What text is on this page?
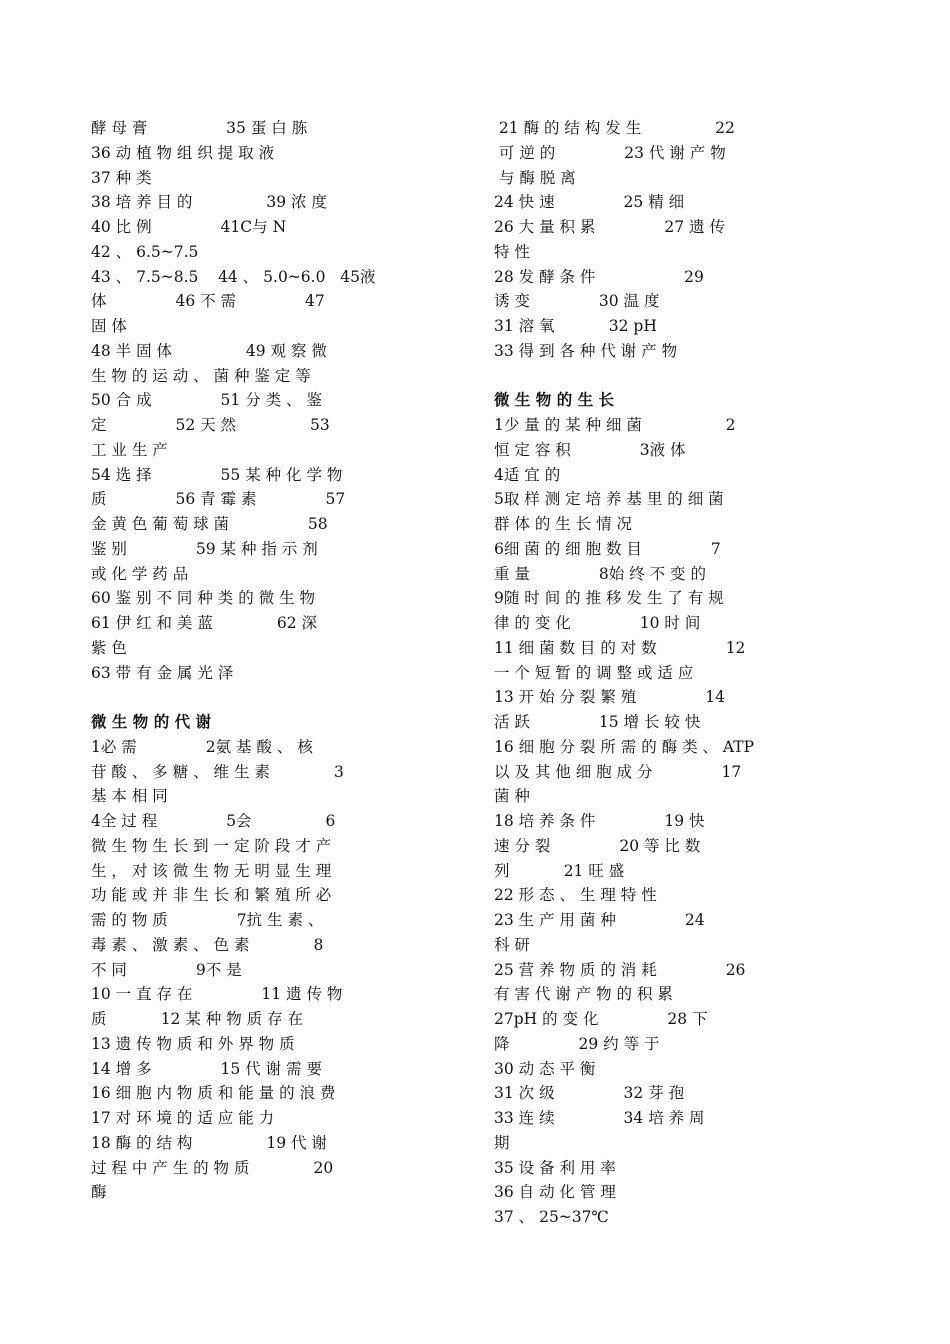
酵 母 膏                35 蛋 白 胨
36 动 植 物 组 织 提 取 液
37 种 类
38 培 养 目 的               39 浓 度
40 比 例              41C与 N
42 、 6.5~7.5
43 、 7.5~8.5    44 、 5.0~6.0   45液
体              46 不 需              47
固 体
48 半 固 体               49 观 察 微
生 物 的 运 动 、 菌 种 鉴 定 等
50 合 成              51 分 类 、 鉴
定              52 天 然               53
工 业 生 产
54 选 择              55 某 种 化 学 物
质              56 青 霉 素              57
金 黄 色 葡 萄 球 菌                58
鉴 别              59 某 种 指 示 剂
或 化 学 药 品
60 鉴 别 不 同 种 类 的 微 生 物
61 伊 红 和 美 蓝             62 深
紫 色
63 带 有 金 属 光 泽
微 生 物 的 代 谢
1必 需              2氨 基 酸 、 核
苷 酸 、 多 糖 、 维 生 素             3
基 本 相 同
4全 过 程              5会               6
微 生 物 生 长 到 一 定 阶 段 才 产
生 ， 对 该 微 生 物 无 明 显 生 理
功 能 或 并 非 生 长 和 繁 殖 所 必
需 的 物 质              7抗 生 素 、
毒 素 、 激 素 、 色 素             8
不 同              9不 是
10 一 直 存 在              11 遗 传 物
质           12 某 种 物 质 存 在
13 遗 传 物 质 和 外 界 物 质
14 增 多              15 代 谢 需 要
16 细 胞 内 物 质 和 能 量 的 浪 费
17 对 环 境 的 适 应 能 力
18 酶 的 结 构               19 代 谢
过 程 中 产 生 的 物 质             20
酶
21 酶 的 结 构 发 生               22
可 逆 的              23 代 谢 产 物
与 酶 脱 离
24 快 速              25 精 细
26 大 量 积 累              27 遗 传
特 性
28 发 酵 条 件                  29
诱 变              30 温 度
31 溶 氧           32 pH
33 得 到 各 种 代 谢 产 物
微 生 物 的 生 长
1少 量 的 某 种 细 菌                 2
恒 定 容 积              3液 体
4适 宜 的
5取 样 测 定 培 养 基 里 的 细 菌
群 体 的 生 长 情 况
6细 菌 的 细 胞 数 目              7
重 量              8始 终 不 变 的
9随 时 间 的 推 移 发 生 了 有 规
律 的 变 化              10 时 间
11 细 菌 数 目 的 对 数              12
一 个 短 暂 的 调 整 或 适 应
13 开 始 分 裂 繁 殖              14
活 跃              15 增 长 较 快
16 细 胞 分 裂 所 需 的 酶 类 、 ATP
以 及 其 他 细 胞 成 分              17
菌 种
18 培 养 条 件              19 快
速 分 裂              20 等 比 数
列           21 旺 盛
22 形 态 、 生 理 特 性
23 生 产 用 菌 种              24
科 研
25 营 养 物 质 的 消 耗              26
有 害 代 谢 产 物 的 积 累
27pH 的 变 化              28 下
降              29 约 等 于
30 动 态 平 衡
31 次 级              32 芽 孢
33 连 续              34 培 养 周
期
35 设 备 利 用 率
36 自 动 化 管 理
37 、 25~37℃
